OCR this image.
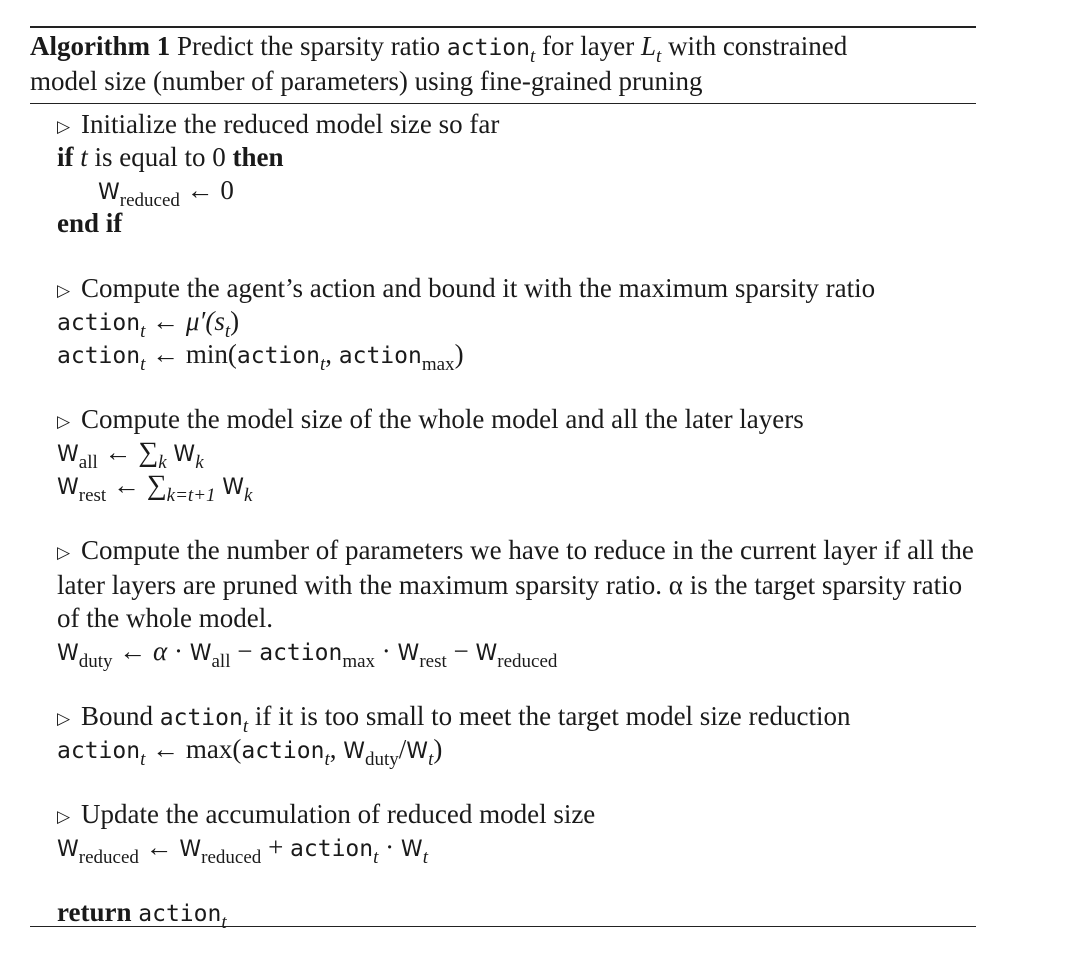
Algorithm 1 Predict the sparsity ratio action$_t$ for layer $L_t$ with constrained
model size (number of parameters) using fine-grained pruning
▷ Initialize the reduced model size so far
if t is equal to 0 then
$W_{reduced}$ ← 0
end if
▷ Compute the agent’s action and bound it with the maximum sparsity ratio
action$_t$ ← $\mu'(s_t)$
action$_t$ ← min(action$_t$, action$_{max}$)
▷ Compute the model size of the whole model and all the later layers
$W_{all}$ ← $\sum_k$ $W_k$
$W_{rest}$ ← $\sum_{k=t+1}$ $W_k$
▷ Compute the number of parameters we have to reduce in the current layer if all the later layers are pruned with the maximum sparsity ratio. α is the target sparsity ratio of the whole model.
$W_{duty}$ ← $\alpha \cdot W_{all}$ − action$_{max}$ · $W_{rest} - W_{reduced}$
▷ Bound action$_t$ if it is too small to meet the target model size reduction
action$_t$ ← max(action$_t$, $W_{duty}/W_t$)
▷ Update the accumulation of reduced model size
$W_{reduced}$ ← $W_{reduced}$ + action$_t$ · $W_t$
return action$_t$
